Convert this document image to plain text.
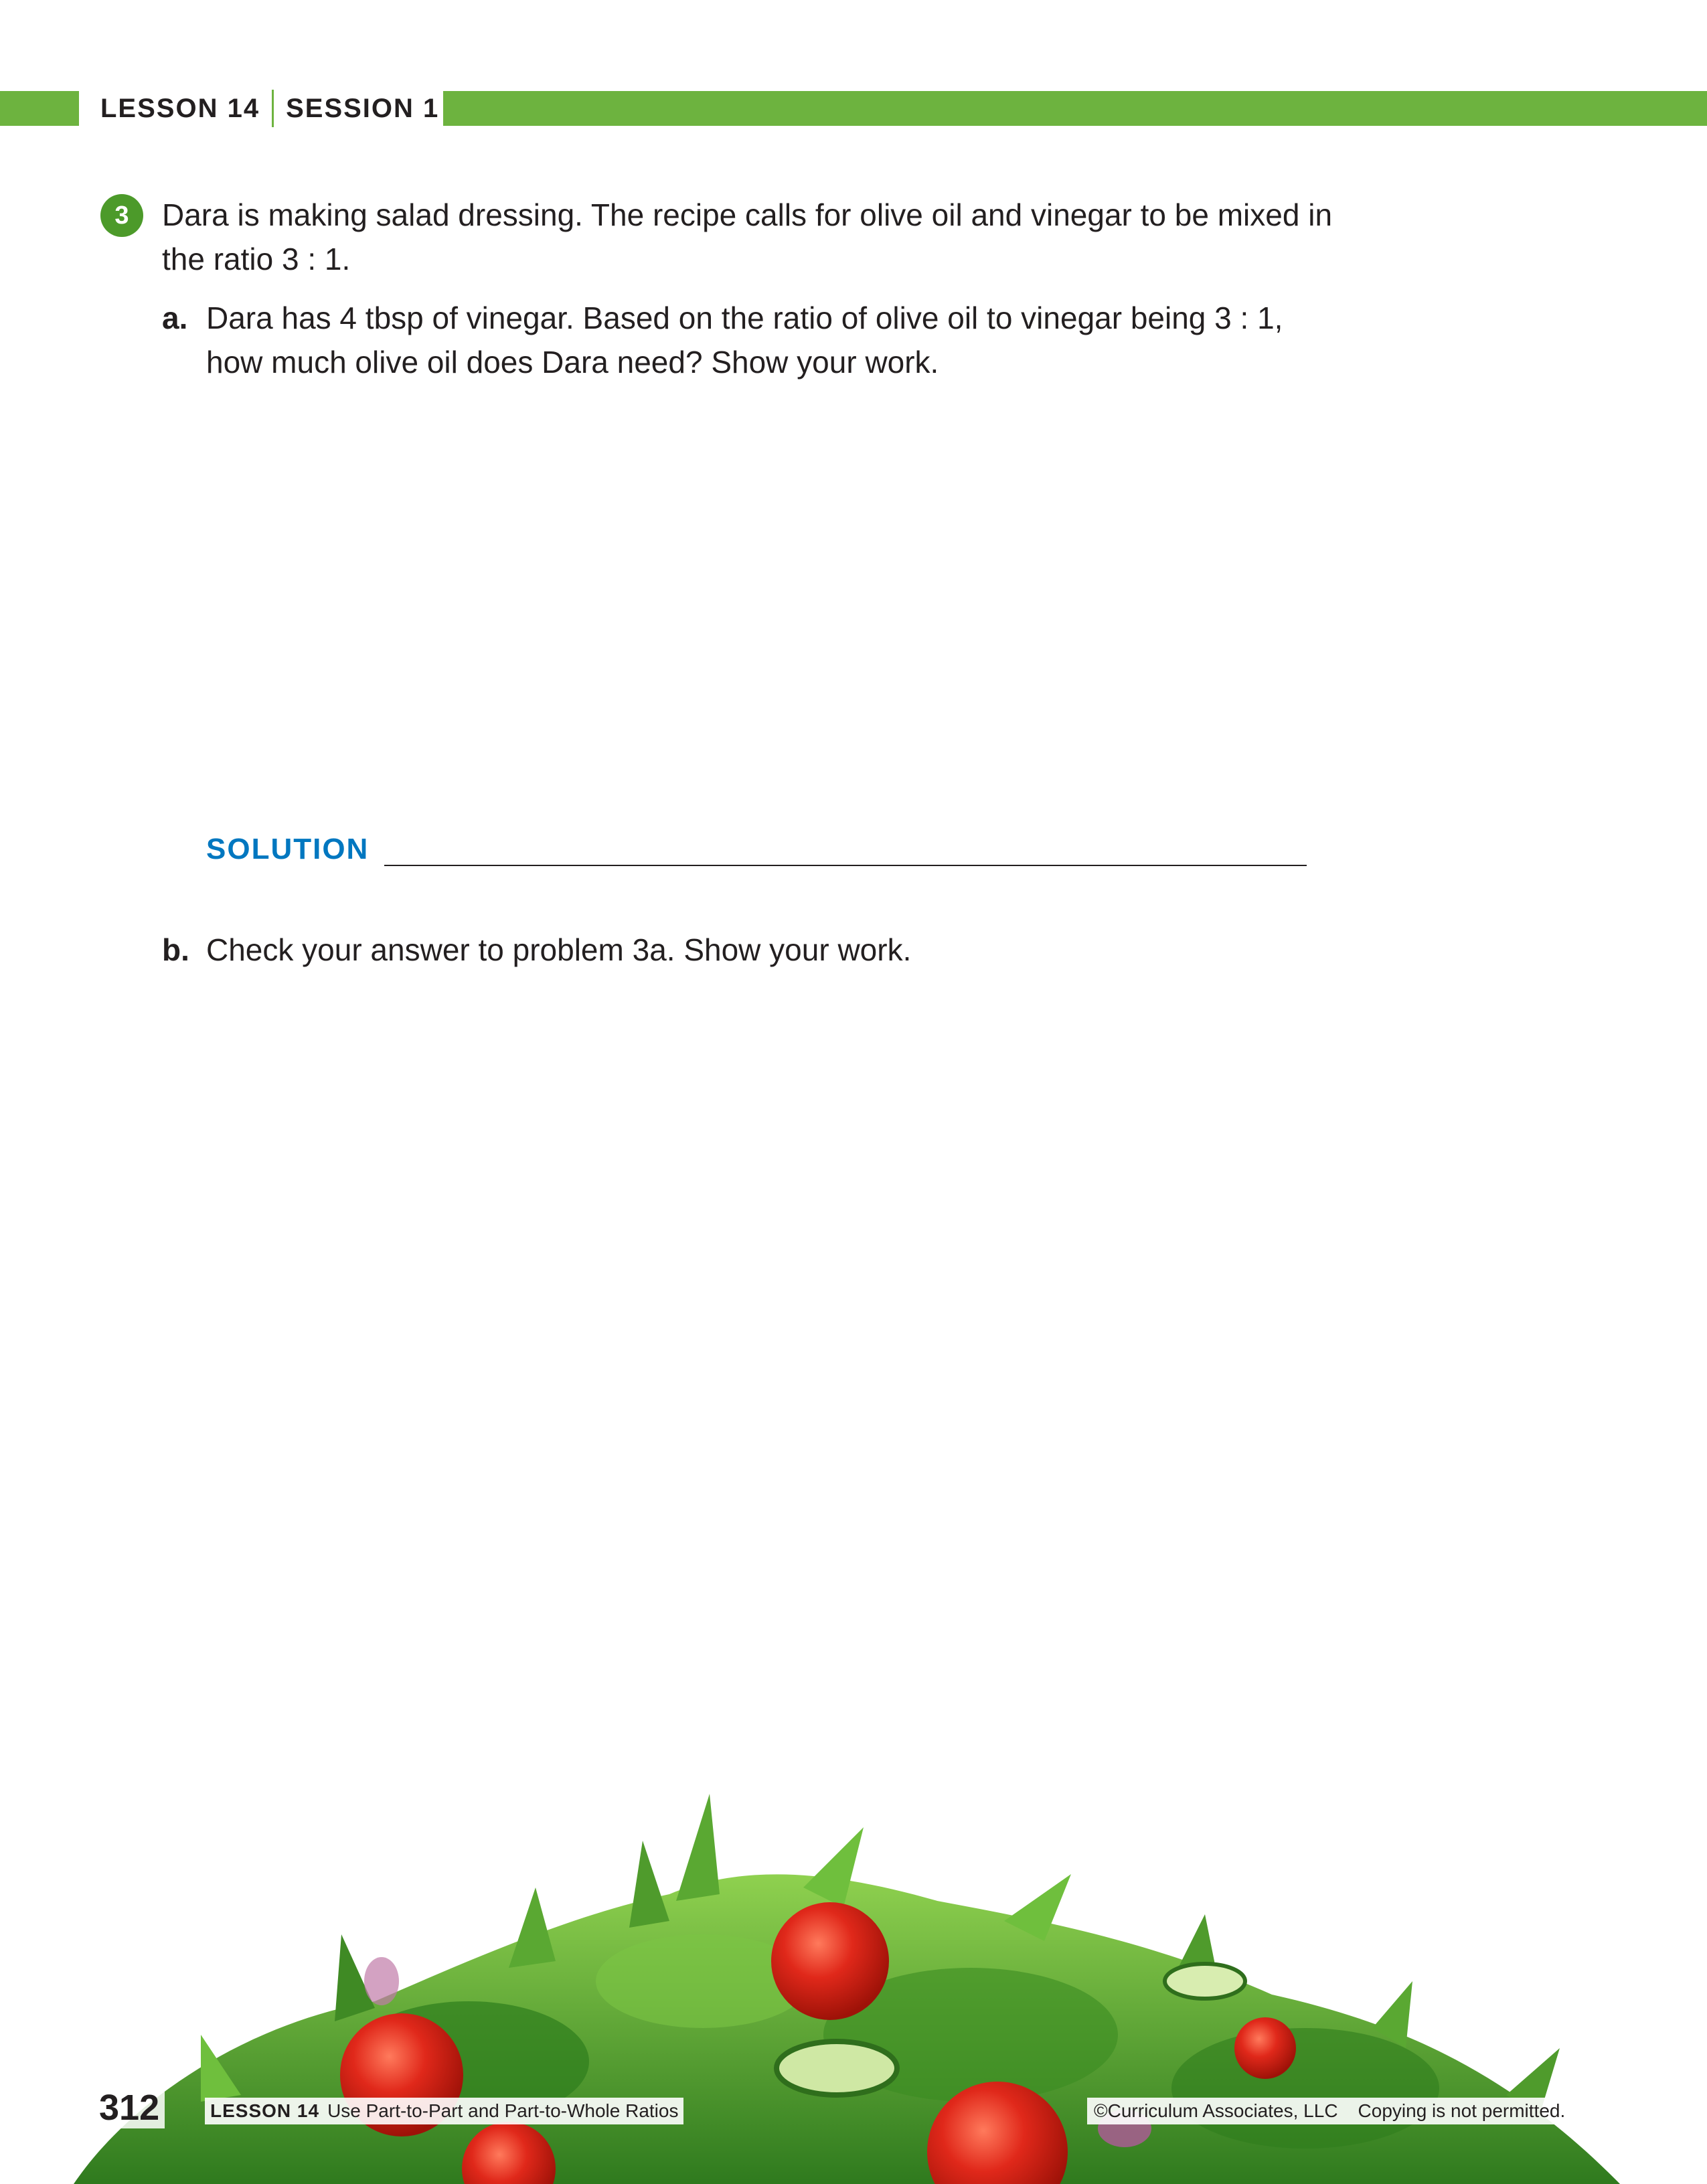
LESSON 14 SESSION 1
3	Dara is making salad dressing. The recipe calls for olive oil and vinegar to be mixed in the ratio 3 : 1.
a. Dara has 4 tbsp of vinegar. Based on the ratio of olive oil to vinegar being 3 : 1, how much olive oil does Dara need? Show your work.
SOLUTION
b. Check your answer to problem 3a. Show your work.
312	LESSON 14 Use Part-to-Part and Part-to-Whole Ratios	©Curriculum Associates, LLC Copying is not permitted.
